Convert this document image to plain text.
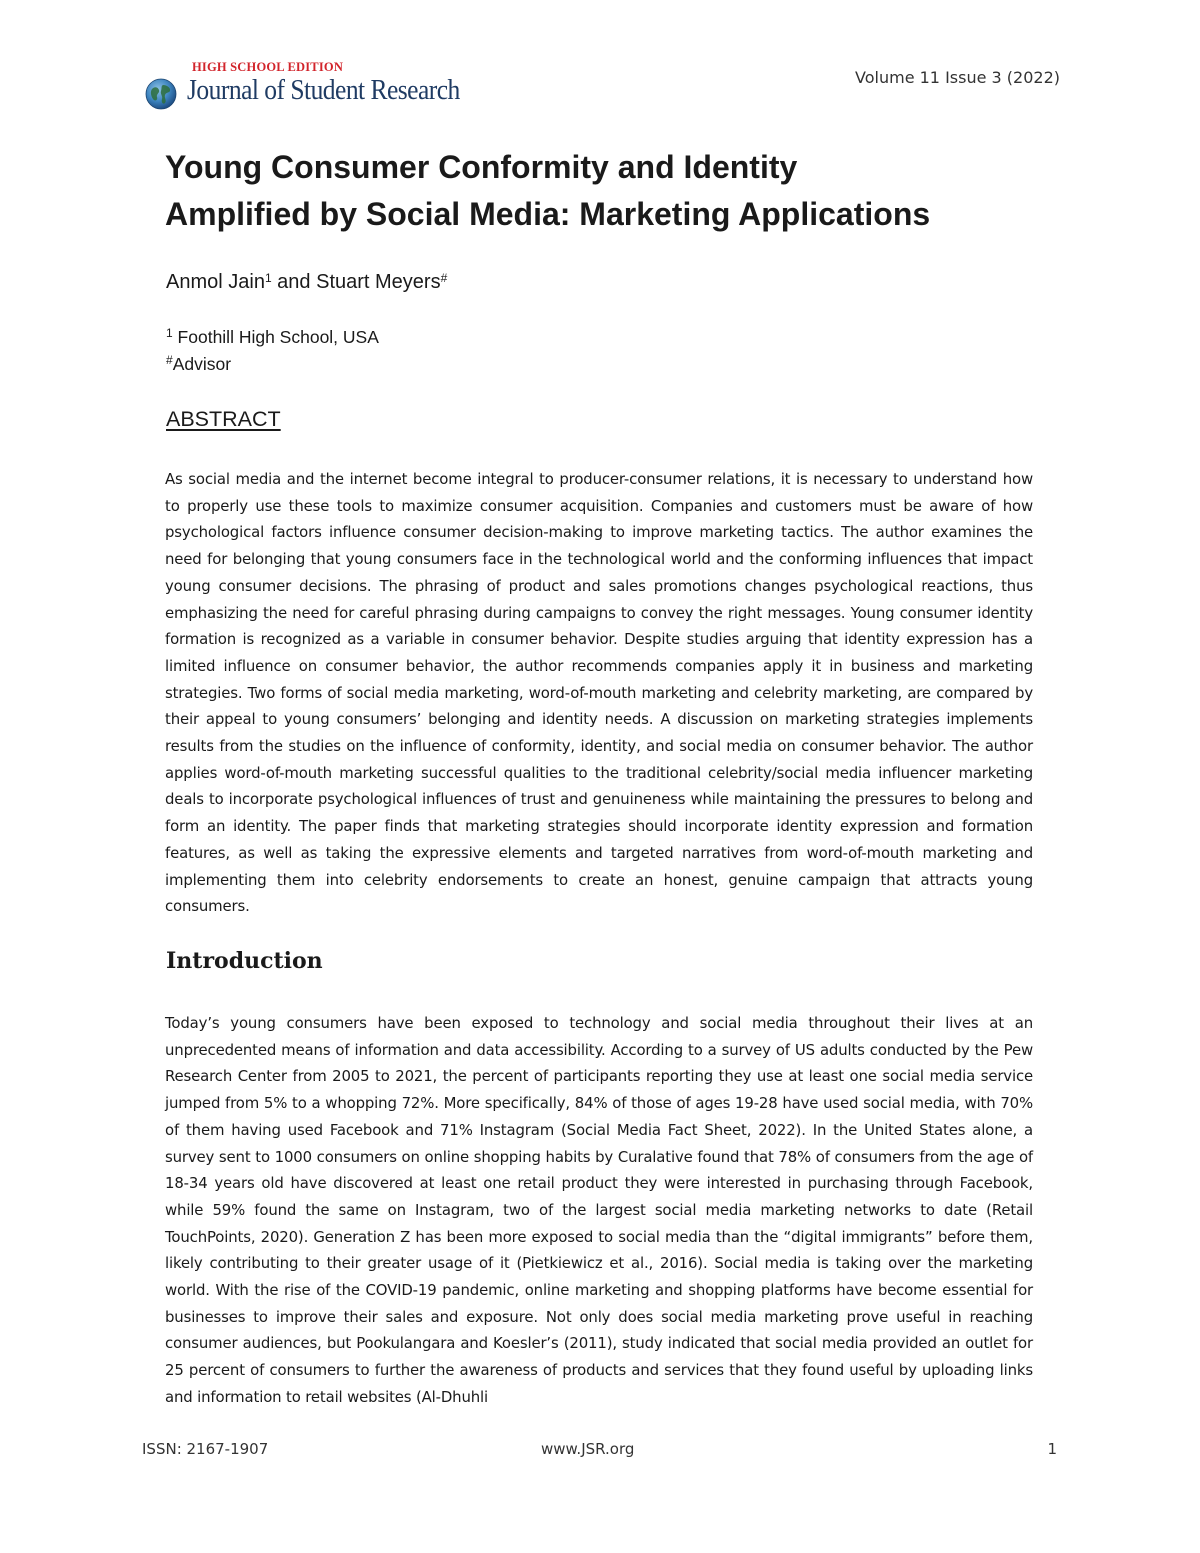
HIGH SCHOOL EDITION
Journal of Student Research	Volume 11 Issue 3 (2022)
Young Consumer Conformity and Identity
Amplified by Social Media: Marketing Applications
Anmol Jain$^1$ and Stuart Meyers#
$^1$ Foothill High School, USA
#Advisor
ABSTRACT

As social media and the internet become integral to producer-consumer relations, it is necessary to understand how to properly use these tools to maximize consumer acquisition. Companies and customers must be aware of how psychological factors influence consumer decision-making to improve marketing tactics. The author examines the need for belonging that young consumers face in the technological world and the conforming influences that impact young consumer decisions. The phrasing of product and sales promotions changes psychological reactions, thus emphasizing the need for careful phrasing during campaigns to convey the right messages. Young consumer identity formation is recognized as a variable in consumer behavior. Despite studies arguing that identity expression has a limited influence on consumer behavior, the author recommends companies apply it in business and marketing strategies. Two forms of social media marketing, word-of-mouth marketing and celebrity marketing, are compared by their appeal to young consumers’ belonging and identity needs. A discussion on marketing strategies implements results from the studies on the influence of conformity, identity, and social media on consumer behavior. The author applies word-of-mouth marketing successful qualities to the traditional celebrity/social media influencer marketing deals to incorporate psychological influences of trust and genuineness while maintaining the pressures to belong and form an identity. The paper finds that marketing strategies should incorporate identity expression and formation features, as well as taking the expressive elements and targeted narratives from word-of-mouth marketing and implementing them into celebrity endorsements to create an honest, genuine campaign that attracts young consumers.

Introduction

Today’s young consumers have been exposed to technology and social media throughout their lives at an unprecedented means of information and data accessibility. According to a survey of US adults conducted by the Pew Research Center from 2005 to 2021, the percent of participants reporting they use at least one social media service jumped from 5% to a whopping 72%. More specifically, 84% of those of ages 19-28 have used social media, with 70% of them having used Facebook and 71% Instagram (Social Media Fact Sheet, 2022). In the United States alone, a survey sent to 1000 consumers on online shopping habits by Curalative found that 78% of consumers from the age of 18-34 years old have discovered at least one retail product they were interested in purchasing through Facebook, while 59% found the same on Instagram, two of the largest social media marketing networks to date (Retail TouchPoints, 2020). Generation Z has been more exposed to social media than the “digital immigrants” before them, likely contributing to their greater usage of it (Pietkiewicz et al., 2016). Social media is taking over the marketing world. With the rise of the COVID-19 pandemic, online marketing and shopping platforms have become essential for businesses to improve their sales and exposure. Not only does social media marketing prove useful in reaching consumer audiences, but Pookulangara and Koesler’s (2011), study indicated that social media provided an outlet for 25 percent of consumers to further the awareness of products and services that they found useful by uploading links and information to retail websites (Al-Dhuhli

ISSN: 2167-1907	www.JSR.org	1
